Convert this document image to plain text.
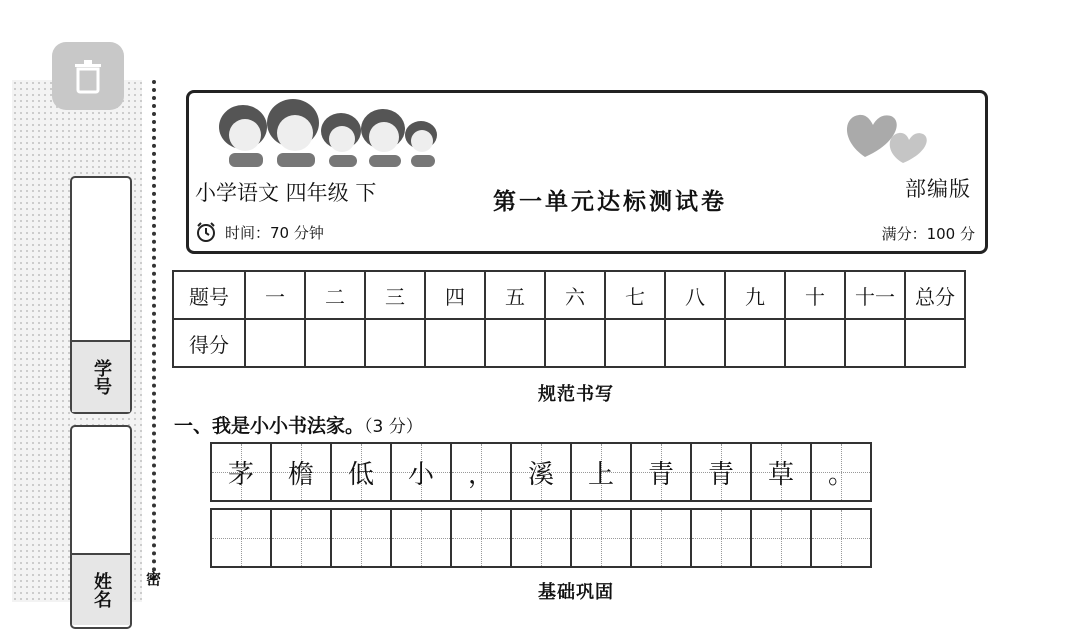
学号
姓名 密
小学语文 四年级 下	第一单元达标测试卷	部编版
时间：70 分钟	满分：100 分
题号	一	二	三	四	五	六	七	八	九	十	十一	总分
得分												
规范书写
一、我是小小书法家。（3 分）
茅 檐 低 小 ， 溪 上 青 青 草 。
基础巩固
